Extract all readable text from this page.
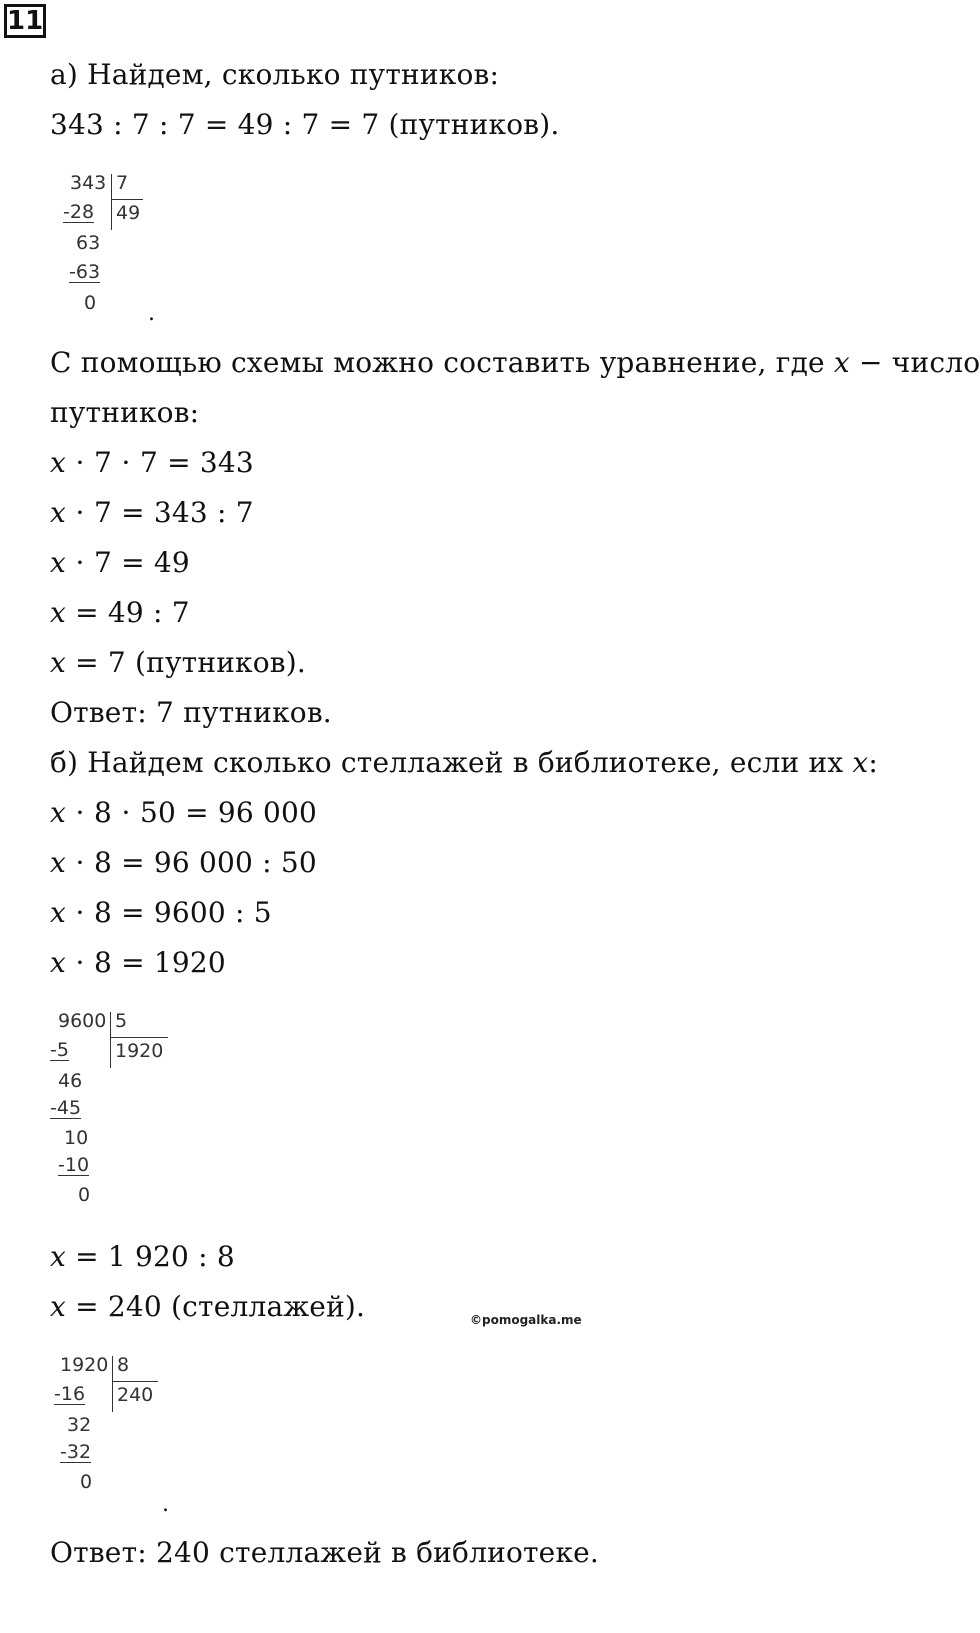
11
а) Найдем, сколько путников:
343 : 7 : 7 = 49 : 7 = 7 (путников).

343

7

49

-28

63

-63

0 .
С помощью схемы можно составить уравнение, где x − число
путников:
x ⋅ 7 ⋅ 7 = 343
x ⋅ 7 = 343 : 7
x ⋅ 7 = 49
x = 49 : 7
x = 7 (путников).
Ответ: 7 путников.
б) Найдем сколько стеллажей в библиотеке, если их x:
x ⋅ 8 ⋅ 50 = 96 000
x ⋅ 8 = 96 000 : 50
x ⋅ 8 = 9600 : 5
x ⋅ 8 = 1920

9600

5

1920

-5

46

-45

10

-10

0

x = 1 920 : 8
x = 240 (стеллажей).	©pomogalka.me

1920

8

240

-16

32

-32

0

.
Ответ: 240 стеллажей в библиотеке.
